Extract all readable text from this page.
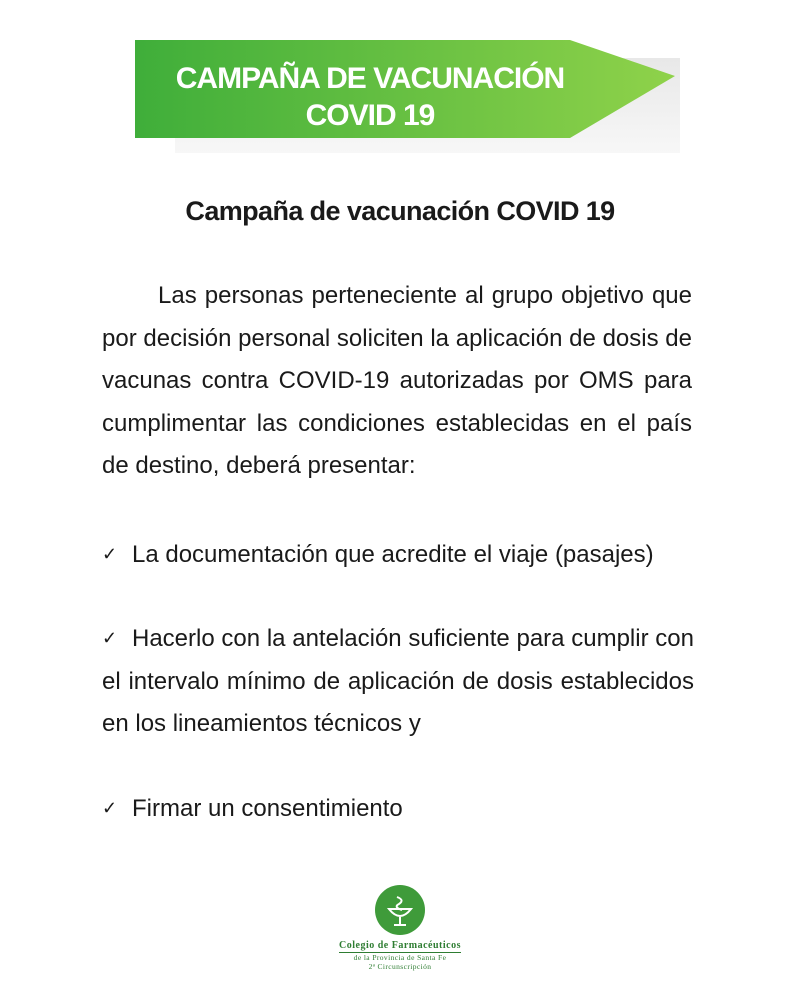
CAMPAÑA DE VACUNACIÓN
COVID 19
Campaña de vacunación COVID 19
Las personas perteneciente al grupo objetivo que por decisión personal soliciten la aplicación de dosis de vacunas contra COVID-19 autorizadas por OMS para cumplimentar las condiciones establecidas en el país de destino, deberá presentar:
✓ La documentación que acredite el viaje (pasajes)
✓ Hacerlo con la antelación suficiente para cumplir con el intervalo mínimo de aplicación de dosis establecidos en los lineamientos técnicos y
✓ Firmar un consentimiento
Colegio de Farmacéuticos
de la Provincia de Santa Fe
2ª Circunscripción
